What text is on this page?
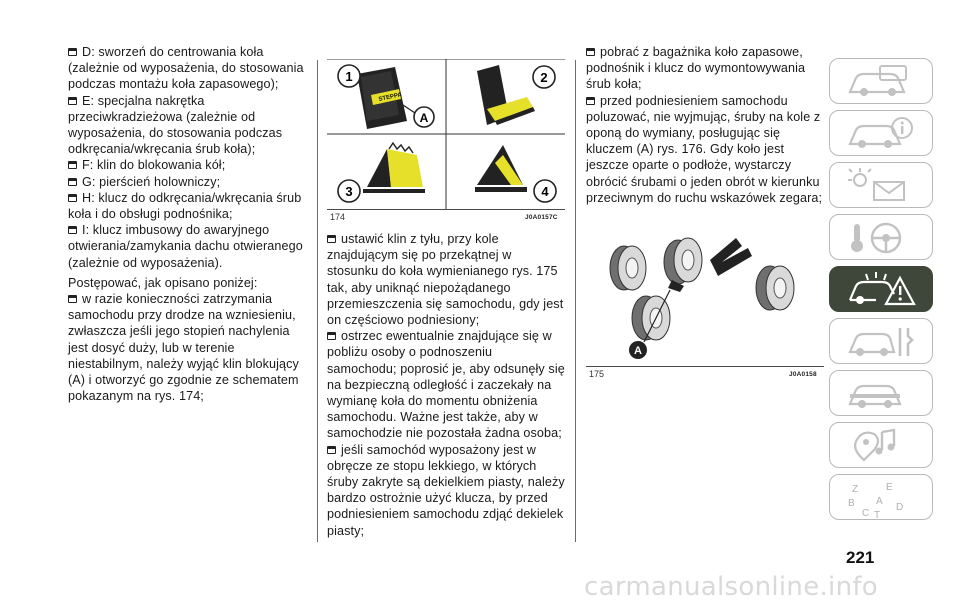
D: sworzeń do centrowania koła (zależnie od wyposażenia, do stosowania podczas montażu koła zapasowego);

E: specjalna nakrętka przeciwkradzieżowa (zależnie od wyposażenia, do stosowania podczas odkręcania/wkręcania śrub koła);

F: klin do blokowania kół;

G: pierścień holowniczy;

H: klucz do odkręcania/wkręcania śrub koła i do obsługi podnośnika;

I: klucz imbusowy do awaryjnego otwierania/zamykania dachu otwieranego (zależnie od wyposażenia).

Postępować, jak opisano poniżej:

w razie konieczności zatrzymania samochodu przy drodze na wzniesieniu, zwłaszcza jeśli jego stopień nachylenia jest dosyć duży, lub w terenie niestabilnym, należy wyjąć klin blokujący (A) i otworzyć go zgodnie ze schematem pokazanym na rys. 174;

STEPPA
1
A
2
3	4
174	J0A0157C

ustawić klin z tyłu, przy kole znajdującym się po przekątnej w stosunku do koła wymienianego rys. 175 tak, aby uniknąć niepożądanego przemieszczenia się samochodu, gdy jest on częściowo podniesiony;

ostrzec ewentualnie znajdujące się w pobliżu osoby o podnoszeniu samochodu; poprosić je, aby odsunęły się na bezpieczną odległość i zaczekały na wymianę koła do momentu obniżenia samochodu. Ważne jest także, aby w samochodzie nie pozostała żadna osoba;

jeśli samochód wyposażony jest w obręcze ze stopu lekkiego, w których śruby zakryte są dekielkiem piasty, należy bardzo ostrożnie użyć klucza, by przed podniesieniem samochodu zdjąć dekielek piasty;

pobrać z bagażnika koło zapasowe, podnośnik i klucz do wymontowywania śrub koła;

przed podniesieniem samochodu poluzować, nie wyjmując, śruby na kole z oponą do wymiany, posługując się kluczem (A) rys. 176. Gdy koło jest jeszcze oparte o podłoże, wystarczy obrócić śrubami o jeden obrót w kierunku przeciwnym do ruchu wskazówek zegara;

A
175	J0A0158
Z	E
B A
C T
D
221
carmanualsonline.info
